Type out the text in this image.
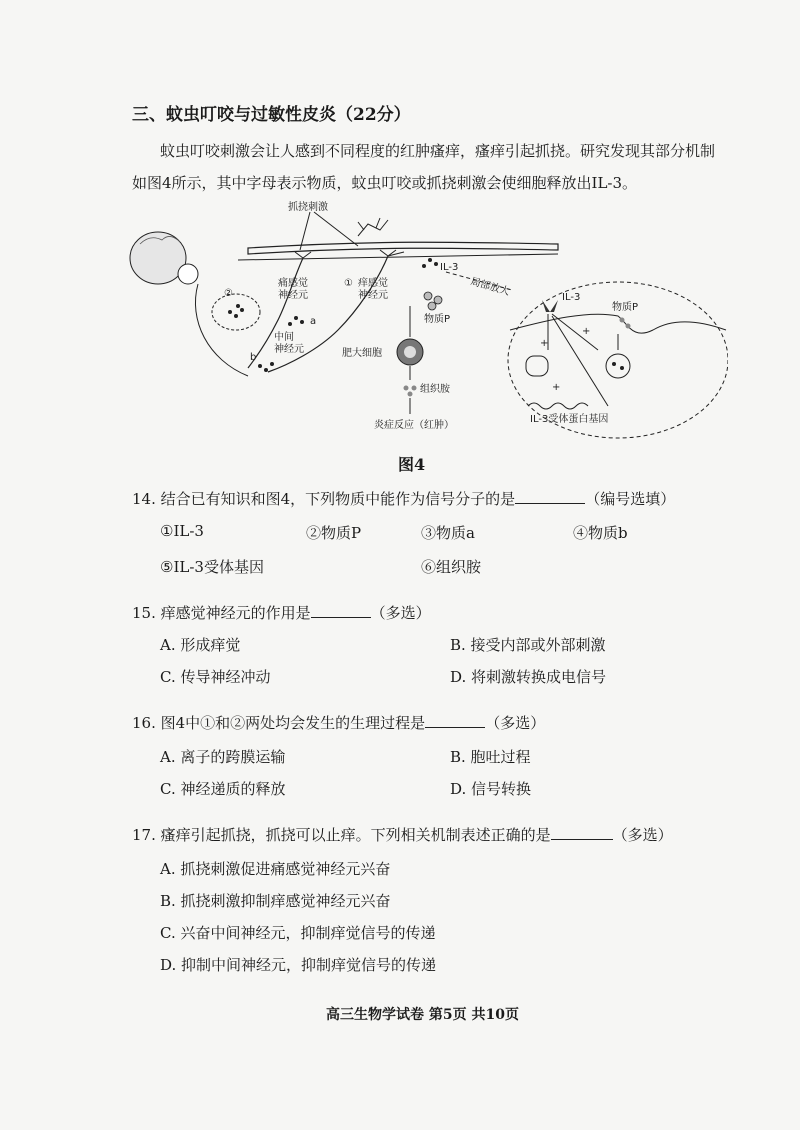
三、蚊虫叮咬与过敏性皮炎（22分）
蚊虫叮咬刺激会让人感到不同程度的红肿瘙痒，瘙痒引起抓挠。研究发现其部分机制
如图4所示，其中字母表示物质，蚊虫叮咬或抓挠刺激会使细胞释放出IL-3。
抓挠刺激
IL-3
局部放大
②
①
痛感觉
神经元
痒感觉
神经元
a
中间
神经元
b
物质P
肥大细胞
组织胺
炎症反应（红肿）
IL-3
物质P
+
+
+
IL-3受体蛋白基因
图4
14. 结合已有知识和图4，下列物质中能作为信号分子的是	（编号选填）
①IL-3	②物质P	③物质a	④物质b
⑤IL-3受体基因	⑥组织胺
15. 痒感觉神经元的作用是	（多选）
A. 形成痒觉	B. 接受内部或外部刺激
C. 传导神经冲动	D. 将刺激转换成电信号
16. 图4中①和②两处均会发生的生理过程是	（多选）
A. 离子的跨膜运输	B. 胞吐过程
C. 神经递质的释放	D. 信号转换
17. 瘙痒引起抓挠，抓挠可以止痒。下列相关机制表述正确的是	（多选）
A. 抓挠刺激促进痛感觉神经元兴奋
B. 抓挠刺激抑制痒感觉神经元兴奋
C. 兴奋中间神经元，抑制痒觉信号的传递
D. 抑制中间神经元，抑制痒觉信号的传递
高三生物学试卷 第5页 共10页
